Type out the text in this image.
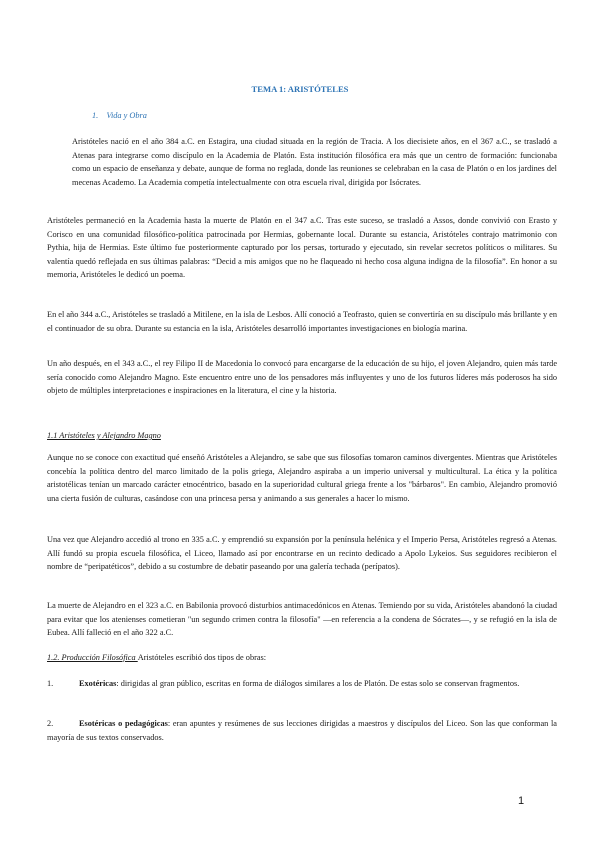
TEMA 1: ARISTÓTELES
1. Vida y Obra

Aristóteles nació en el año 384 a.C. en Estagira, una ciudad situada en la región de Tracia. A los diecisiete años, en el 367 a.C., se trasladó a Atenas para integrarse como discípulo en la Academia de Platón. Esta institución filosófica era más que un centro de formación: funcionaba como un espacio de enseñanza y debate, aunque de forma no reglada, donde las reuniones se celebraban en la casa de Platón o en los jardines del mecenas Academo. La Academia competía intelectualmente con otra escuela rival, dirigida por Isócrates.

Aristóteles permaneció en la Academia hasta la muerte de Platón en el 347 a.C. Tras este suceso, se trasladó a Assos, donde convivió con Erasto y Corisco en una comunidad filosófico-política patrocinada por Hermias, gobernante local. Durante su estancia, Aristóteles contrajo matrimonio con Pythia, hija de Hermias. Este último fue posteriormente capturado por los persas, torturado y ejecutado, sin revelar secretos políticos o militares. Su valentía quedó reflejada en sus últimas palabras: “Decid a mis amigos que no he flaqueado ni hecho cosa alguna indigna de la filosofía”. En honor a su memoria, Aristóteles le dedicó un poema.

En el año 344 a.C., Aristóteles se trasladó a Mitilene, en la isla de Lesbos. Allí conoció a Teofrasto, quien se convertiría en su discípulo más brillante y en el continuador de su obra. Durante su estancia en la isla, Aristóteles desarrolló importantes investigaciones en biología marina.

Un año después, en el 343 a.C., el rey Filipo II de Macedonia lo convocó para encargarse de la educación de su hijo, el joven Alejandro, quien más tarde sería conocido como Alejandro Magno. Este encuentro entre uno de los pensadores más influyentes y uno de los futuros líderes más poderosos ha sido objeto de múltiples interpretaciones e inspiraciones en la literatura, el cine y la historia.

1.1 Aristóteles y Alejandro Magno

Aunque no se conoce con exactitud qué enseñó Aristóteles a Alejandro, se sabe que sus filosofías tomaron caminos divergentes. Mientras que Aristóteles concebía la política dentro del marco limitado de la polis griega, Alejandro aspiraba a un imperio universal y multicultural. La ética y la política aristotélicas tenían un marcado carácter etnocéntrico, basado en la superioridad cultural griega frente a los "bárbaros". En cambio, Alejandro promovió una cierta fusión de culturas, casándose con una princesa persa y animando a sus generales a hacer lo mismo.

Una vez que Alejandro accedió al trono en 335 a.C. y emprendió su expansión por la península helénica y el Imperio Persa, Aristóteles regresó a Atenas. Allí fundó su propia escuela filosófica, el Liceo, llamado así por encontrarse en un recinto dedicado a Apolo Lykeios. Sus seguidores recibieron el nombre de “peripatéticos”, debido a su costumbre de debatir paseando por una galería techada (perípatos).

La muerte de Alejandro en el 323 a.C. en Babilonia provocó disturbios antimacedónicos en Atenas. Temiendo por su vida, Aristóteles abandonó la ciudad para evitar que los atenienses cometieran "un segundo crimen contra la filosofía" —en referencia a la condena de Sócrates—, y se refugió en la isla de Eubea. Allí falleció en el año 322 a.C.

1.2. Producción Filosófica Aristóteles escribió dos tipos de obras:
1.	Exotéricas: dirigidas al gran público, escritas en forma de diálogos similares a los de Platón. De estas solo se conservan fragmentos.
2.	Esotéricas o pedagógicas: eran apuntes y resúmenes de sus lecciones dirigidas a maestros y discípulos del Liceo. Son las que conforman la mayoría de sus textos conservados.
1
